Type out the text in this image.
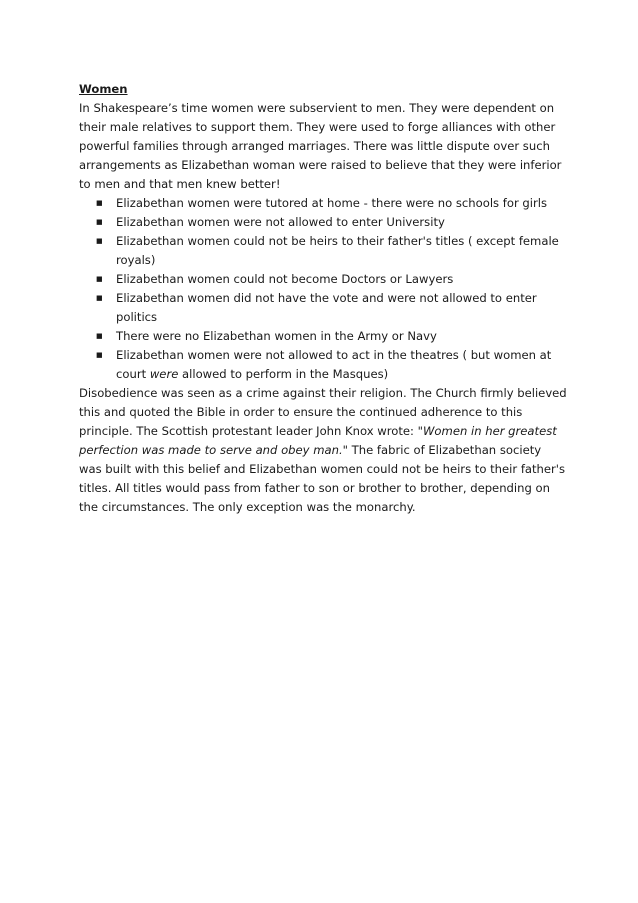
Women

In Shakespeare’s time women were subservient to men. They were dependent on their male relatives to support them. They were used to forge alliances with other powerful families through arranged marriages. There was little dispute over such arrangements as Elizabethan woman were raised to believe that they were inferior to men and that men knew better!

■ Elizabethan women were tutored at home - there were no schools for girls
■ Elizabethan women were not allowed to enter University
■ Elizabethan women could not be heirs to their father's titles ( except female royals)
■ Elizabethan women could not become Doctors or Lawyers
■ Elizabethan women did not have the vote and were not allowed to enter politics
■ There were no Elizabethan women in the Army or Navy
■ Elizabethan women were not allowed to act in the theatres ( but women at court were allowed to perform in the Masques)

Disobedience was seen as a crime against their religion. The Church firmly believed this and quoted the Bible in order to ensure the continued adherence to this principle. The Scottish protestant leader John Knox wrote: "Women in her greatest perfection was made to serve and obey man." The fabric of Elizabethan society was built with this belief and Elizabethan women could not be heirs to their father's titles. All titles would pass from father to son or brother to brother, depending on the circumstances. The only exception was the monarchy.
